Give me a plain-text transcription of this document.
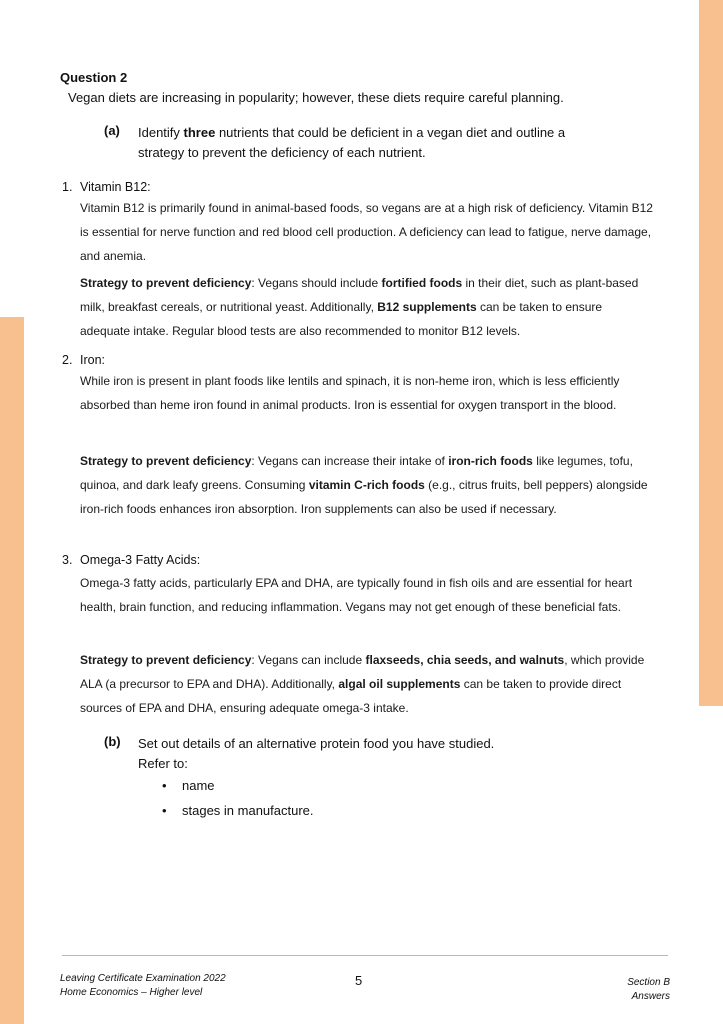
Question 2
Vegan diets are increasing in popularity; however, these diets require careful planning.
(a) Identify three nutrients that could be deficient in a vegan diet and outline a strategy to prevent the deficiency of each nutrient.
1. Vitamin B12:
Vitamin B12 is primarily found in animal-based foods, so vegans are at a high risk of deficiency. Vitamin B12 is essential for nerve function and red blood cell production. A deficiency can lead to fatigue, nerve damage, and anemia.
Strategy to prevent deficiency: Vegans should include fortified foods in their diet, such as plant-based milk, breakfast cereals, or nutritional yeast. Additionally, B12 supplements can be taken to ensure adequate intake. Regular blood tests are also recommended to monitor B12 levels.
2. Iron:
While iron is present in plant foods like lentils and spinach, it is non-heme iron, which is less efficiently absorbed than heme iron found in animal products. Iron is essential for oxygen transport in the blood.
Strategy to prevent deficiency: Vegans can increase their intake of iron-rich foods like legumes, tofu, quinoa, and dark leafy greens. Consuming vitamin C-rich foods (e.g., citrus fruits, bell peppers) alongside iron-rich foods enhances iron absorption. Iron supplements can also be used if necessary.
3. Omega-3 Fatty Acids:
Omega-3 fatty acids, particularly EPA and DHA, are typically found in fish oils and are essential for heart health, brain function, and reducing inflammation. Vegans may not get enough of these beneficial fats.
Strategy to prevent deficiency: Vegans can include flaxseeds, chia seeds, and walnuts, which provide ALA (a precursor to EPA and DHA). Additionally, algal oil supplements can be taken to provide direct sources of EPA and DHA, ensuring adequate omega-3 intake.
(b) Set out details of an alternative protein food you have studied.
Refer to:
• name
• stages in manufacture.
Leaving Certificate Examination 2022
Home Economics – Higher level
5	Section B
Answers
